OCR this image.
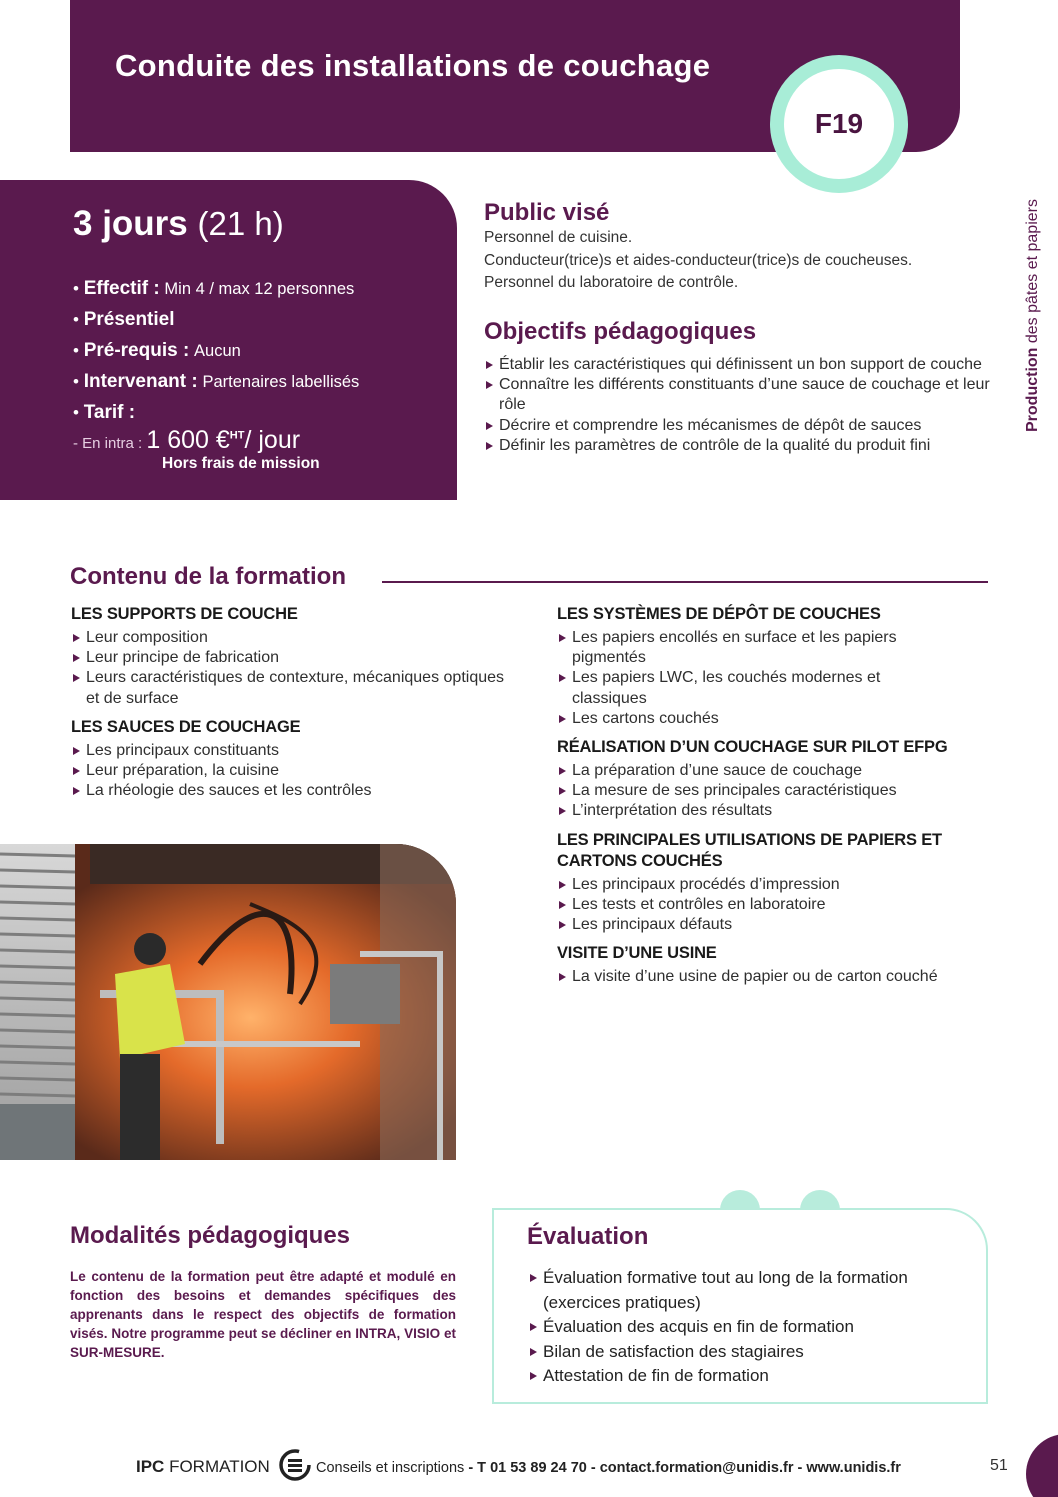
Conduite des installations de couchage
F19
Production des pâtes et papiers
3 jours (21 h)
• Effectif : Min 4 / max 12 personnes
• Présentiel
• Pré-requis : Aucun
• Intervenant : Partenaires labellisés
• Tarif :
- En intra : 1 600 €$^{HT}$/ jour
Hors frais de mission
Public visé
Personnel de cuisine.
Conducteur(trice)s et aides-conducteur(trice)s de coucheuses.
Personnel du laboratoire de contrôle.
Objectifs pédagogiques
Établir les caractéristiques qui définissent un bon support de couche
Connaître les différents constituants d’une sauce de couchage et leur rôle
Décrire et comprendre les mécanismes de dépôt de sauces
Définir les paramètres de contrôle de la qualité du produit fini
Contenu de la formation
LES SUPPORTS DE COUCHE
Leur composition
Leur principe de fabrication
Leurs caractéristiques de contexture, mécaniques optiques et de surface
LES SAUCES DE COUCHAGE
Les principaux constituants
Leur préparation, la cuisine
La rhéologie des sauces et les contrôles
LES SYSTÈMES DE DÉPÔT DE COUCHES
Les papiers encollés en surface et les papiers pigmentés
Les papiers LWC, les couchés modernes et classiques
Les cartons couchés
RÉALISATION D’UN COUCHAGE SUR PILOT EFPG
La préparation d’une sauce de couchage
La mesure de ses principales caractéristiques
L’interprétation des résultats
LES PRINCIPALES UTILISATIONS DE PAPIERS ET CARTONS COUCHÉS
Les principaux procédés d’impression
Les tests et contrôles en laboratoire
Les principaux défauts
VISITE D’UNE USINE
La visite d’une usine de papier ou de carton couché
Modalités pédagogiques
Le contenu de la formation peut être adapté et modulé en fonction des besoins et demandes spécifiques des apprenants dans le respect des objectifs de formation visés. Notre programme peut se décliner en INTRA, VISIO et SUR-MESURE.
Évaluation
Évaluation formative tout au long de la formation (exercices pratiques)
Évaluation des acquis en fin de formation
Bilan de satisfaction des stagiaires
Attestation de fin de formation
IPC FORMATION	Conseils et inscriptions - T 01 53 89 24 70 - contact.formation@unidis.fr - www.unidis.fr	51
